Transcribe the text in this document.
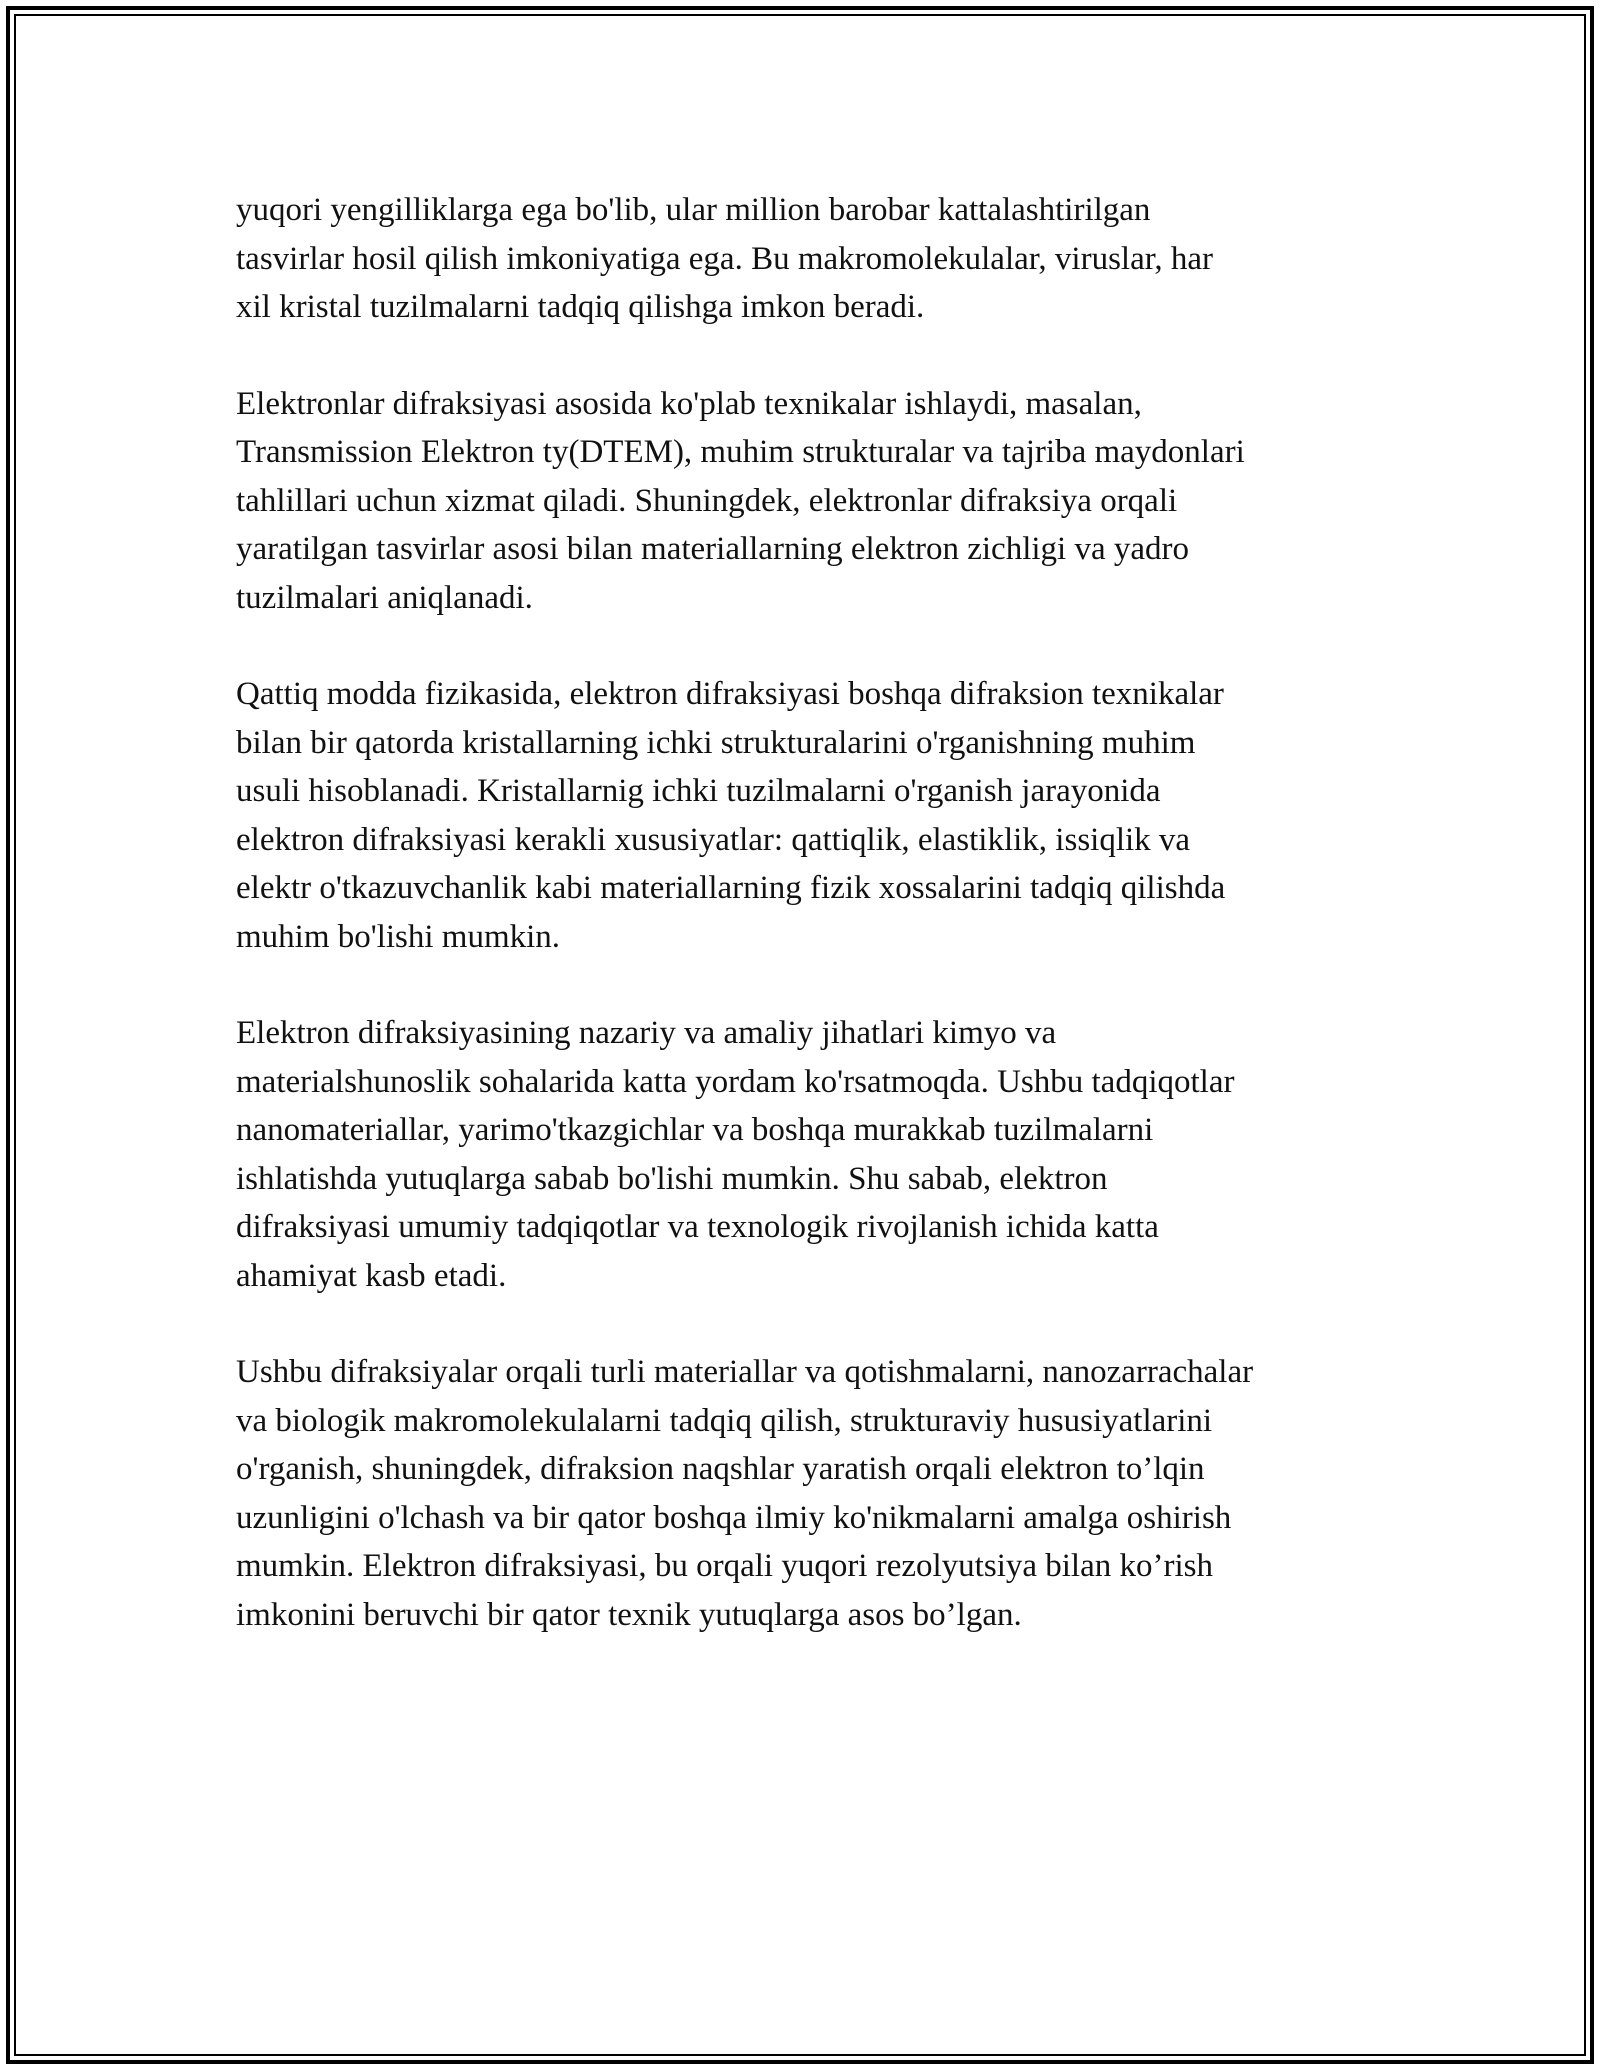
yuqori yengilliklarga ega bo'lib, ular million barobar kattalashtirilgan
tasvirlar hosil qilish imkoniyatiga ega. Bu makromolekulalar, viruslar, har
xil kristal tuzilmalarni tadqiq qilishga imkon beradi.

Elektronlar difraksiyasi asosida ko'plab texnikalar ishlaydi, masalan,
Transmission Elektron ty(DTEM), muhim strukturalar va tajriba maydonlari
tahlillari uchun xizmat qiladi. Shuningdek, elektronlar difraksiya orqali
yaratilgan tasvirlar asosi bilan materiallarning elektron zichligi va yadro
tuzilmalari aniqlanadi.

Qattiq modda fizikasida, elektron difraksiyasi boshqa difraksion texnikalar
bilan bir qatorda kristallarning ichki strukturalarini o'rganishning muhim
usuli hisoblanadi. Kristallarnig ichki tuzilmalarni o'rganish jarayonida
elektron difraksiyasi kerakli xususiyatlar: qattiqlik, elastiklik, issiqlik va
elektr o'tkazuvchanlik kabi materiallarning fizik xossalarini tadqiq qilishda
muhim bo'lishi mumkin.

Elektron difraksiyasining nazariy va amaliy jihatlari kimyo va
materialshunoslik sohalarida katta yordam ko'rsatmoqda. Ushbu tadqiqotlar
nanomateriallar, yarimo'tkazgichlar va boshqa murakkab tuzilmalarni
ishlatishda yutuqlarga sabab bo'lishi mumkin. Shu sabab, elektron
difraksiyasi umumiy tadqiqotlar va texnologik rivojlanish ichida katta
ahamiyat kasb etadi.

Ushbu difraksiyalar orqali turli materiallar va qotishmalarni, nanozarrachalar
va biologik makromolekulalarni tadqiq qilish, strukturaviy hususiyatlarini
o'rganish, shuningdek, difraksion naqshlar yaratish orqali elektron to’lqin
uzunligini o'lchash va bir qator boshqa ilmiy ko'nikmalarni amalga oshirish
mumkin. Elektron difraksiyasi, bu orqali yuqori rezolyutsiya bilan ko’rish
imkonini beruvchi bir qator texnik yutuqlarga asos bo’lgan.
